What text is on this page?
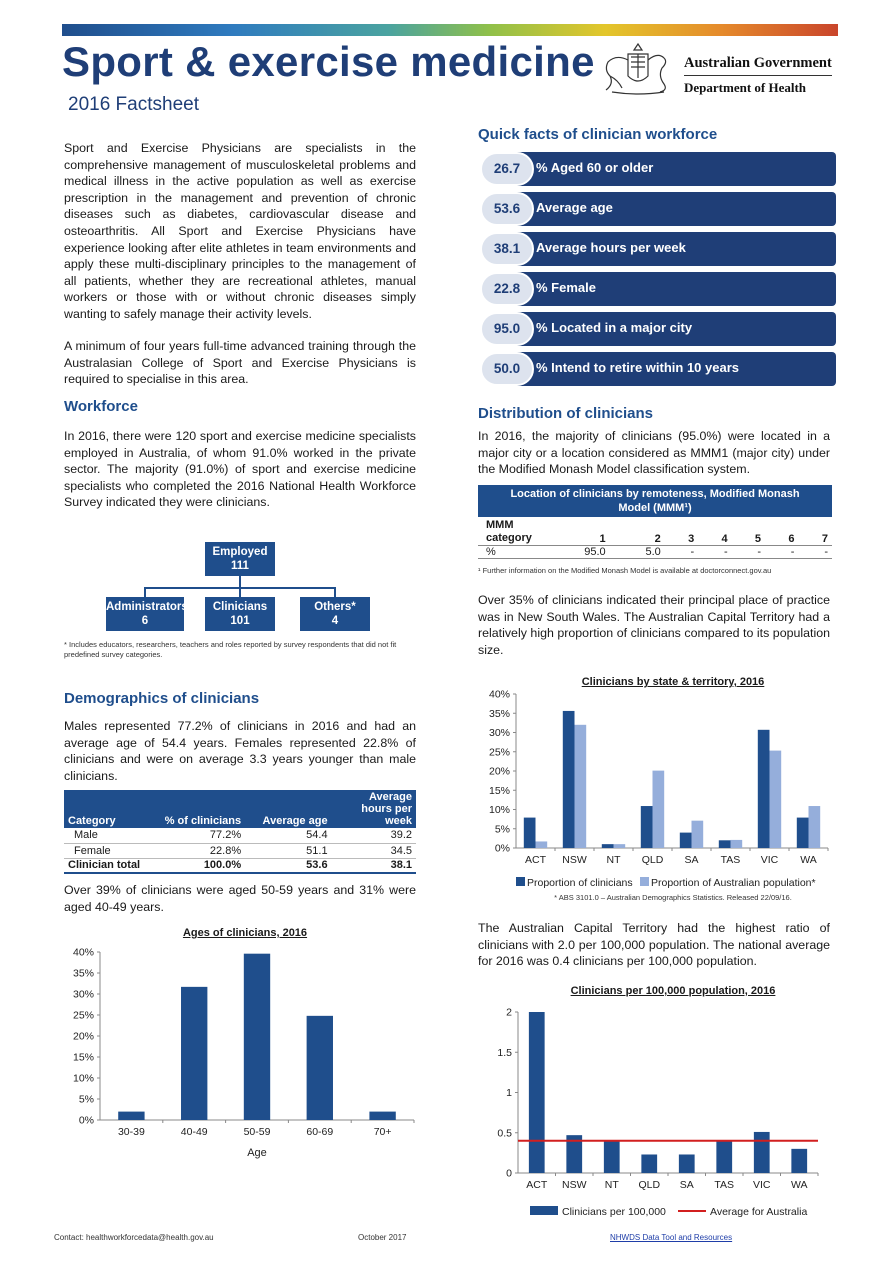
Sport & exercise medicine
2016 Factsheet
Australian Government
Department of Health
Sport and Exercise Physicians are specialists in the comprehensive management of musculoskeletal problems and medical illness in the active population as well as exercise prescription in the management and prevention of chronic diseases such as diabetes, cardiovascular disease and osteoarthritis. All Sport and Exercise Physicians have experience looking after elite athletes in team environments and apply these multi-disciplinary principles to the management of all patients, whether they are recreational athletes, manual workers or those with or without chronic diseases simply wanting to safely manage their activity levels.
A minimum of four years full-time advanced training through the Australasian College of Sport and Exercise Physicians is required to specialise in this area.
Workforce
In 2016, there were 120 sport and exercise medicine specialists employed in Australia, of whom 91.0% worked in the private sector. The majority (91.0%) of sport and exercise medicine specialists who completed the 2016 National Health Workforce Survey indicated they were clinicians.
Employed
111
Administrators
6
Clinicians
101
Others*
4
* Includes educators, researchers, teachers and roles reported by survey respondents that did not fit predefined survey categories.
Demographics of clinicians
Males represented 77.2% of clinicians in 2016 and had an average age of 54.4 years. Females represented 22.8% of clinicians and were on average 3.3 years younger than male clinicians.
Category	% of clinicians	Average age	Average hours per week
Male	77.2%	54.4	39.2
Female	22.8%	51.1	34.5
Clinician total	100.0%	53.6	38.1
Over 39% of clinicians were aged 50-59 years and 31% were aged 40-49 years.
Ages of clinicians, 2016
0%
5%
10%
15%
20%
25%
30%
35%
40%
30-39	40-49	50-59	60-69	70+
Age
Quick facts of clinician workforce
% Aged 60 or older
26.7
Average age
53.6
Average hours per week
38.1
% Female
22.8
% Located in a major city
95.0
% Intend to retire within 10 years
50.0
Distribution of clinicians
In 2016, the majority of clinicians (95.0%) were located in a major city or a location considered as MMM1 (major city) under the Modified Monash Model classification system.
Location of clinicians by remoteness, Modified Monash Model (MMM¹)							
MMM
category	1	2	3	4	5	6	7
%	95.0	5.0	-	-	-	-	-
¹ Further information on the Modified Monash Model is available at doctorconnect.gov.au
Over 35% of clinicians indicated their principal place of practice was in New South Wales. The Australian Capital Territory had a relatively high proportion of clinicians compared to its population size.
Clinicians by state & territory, 2016
0%
5%
10%
15%
20%
25%
30%
35%
40%
ACT NSW NT QLD SA TAS VIC WA
Proportion of clinicians Proportion of Australian population*
* ABS 3101.0 – Australian Demographics Statistics. Released 22/09/16.
The Australian Capital Territory had the highest ratio of clinicians with 2.0 per 100,000 population. The national average for 2016 was 0.4 clinicians per 100,000 population.
Clinicians per 100,000 population, 2016
0
0.5
1
1.5
2
ACT NSW NT QLD SA TAS VIC WA
Clinicians per 100,000	Average for Australia
Contact: healthworkforcedata@health.gov.au	October 2017	NHWDS Data Tool and Resources
